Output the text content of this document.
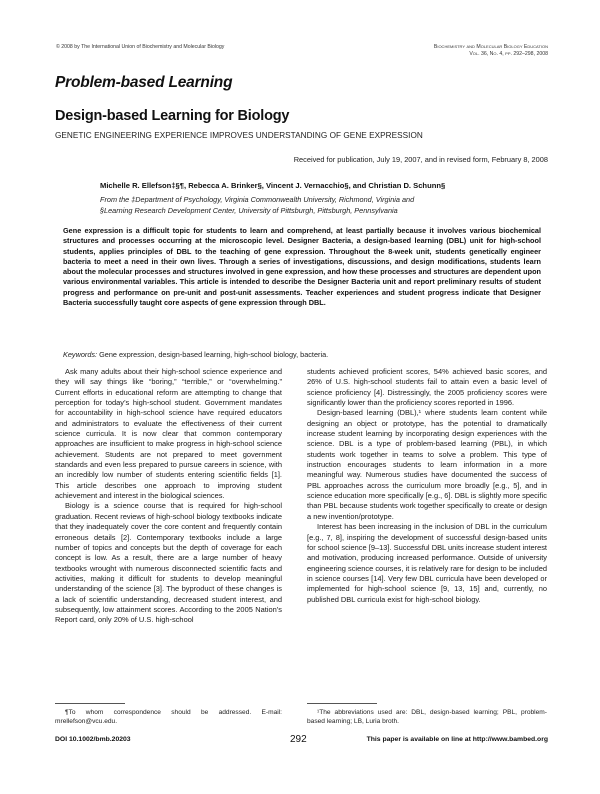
© 2008 by The International Union of Biochemistry and Molecular Biology	Biochemistry and Molecular Biology Education
Vol. 36, No. 4, pp. 292–298, 2008
Problem-based Learning
Design-based Learning for Biology
GENETIC ENGINEERING EXPERIENCE IMPROVES UNDERSTANDING OF GENE EXPRESSION
Received for publication, July 19, 2007, and in revised form, February 8, 2008
Michelle R. Ellefson‡§¶, Rebecca A. Brinker§, Vincent J. Vernacchio§, and Christian D. Schunn§
From the ‡Department of Psychology, Virginia Commonwealth University, Richmond, Virginia and
§Learning Research Development Center, University of Pittsburgh, Pittsburgh, Pennsylvania
Gene expression is a difficult topic for students to learn and comprehend, at least partially because it involves various biochemical structures and processes occurring at the microscopic level. Designer Bacteria, a design-based learning (DBL) unit for high-school students, applies principles of DBL to the teaching of gene expression. Throughout the 8-week unit, students genetically engineer bacteria to meet a need in their own lives. Through a series of investigations, discussions, and design modifications, students learn about the molecular processes and structures involved in gene expression, and how these processes and structures are dependent upon various environmental variables. This article is intended to describe the Designer Bacteria unit and report preliminary results of student progress and performance on pre-unit and post-unit assessments. Teacher experiences and student progress indicate that Designer Bacteria successfully taught core aspects of gene expression through DBL.
Keywords: Gene expression, design-based learning, high-school biology, bacteria.

Ask many adults about their high-school science experience and they will say things like “boring,” “terrible,” or “overwhelming.” Current efforts in educational reform are attempting to change that perception for today’s high-school student. Government mandates for accountability in high-school science have required educators and administrators to evaluate the effectiveness of their current science curricula. It is now clear that common contemporary approaches are insufficient to make progress in high-school science achievement. Students are not prepared to meet government standards and even less prepared to pursue careers in science, with an incredibly low number of students entering scientific fields [1]. This article describes one approach to improving student achievement and interest in the biological sciences.

Biology is a science course that is required for high-school graduation. Recent reviews of high-school biology textbooks indicate that they inadequately cover the core content and frequently contain erroneous details [2]. Contemporary textbooks include a large number of topics and concepts but the depth of coverage for each concept is low. As a result, there are a large number of heavy textbooks wrought with numerous disconnected scientific facts and activities, making it difficult for students to develop meaningful understanding of the science [3]. The byproduct of these changes is a lack of scientific understanding, decreased student interest, and subsequently, low attainment scores. According to the 2005 Nation’s Report card, only 20% of U.S. high-school

students achieved proficient scores, 54% achieved basic scores, and 26% of U.S. high-school students fail to attain even a basic level of science proficiency [4]. Distressingly, the 2005 proficiency scores were significantly lower than the proficiency scores reported in 1996.

Design-based learning (DBL),¹ where students learn content while designing an object or prototype, has the potential to dramatically increase student learning by incorporating design experiences with the science. DBL is a type of problem-based learning (PBL), in which students work together in teams to solve a problem. This type of instruction encourages students to learn information in a more meaningful way. Numerous studies have documented the success of PBL approaches across the curriculum more broadly [e.g., 5], and in science education more specifically [e.g., 6]. DBL is slightly more specific than PBL because students work together specifically to create or design a new invention/prototype.

Interest has been increasing in the inclusion of DBL in the curriculum [e.g., 7, 8], inspiring the development of successful design-based units for school science [9–13]. Successful DBL units increase student interest and motivation, producing increased performance. Outside of university engineering science courses, it is relatively rare for design to be included in science courses [14]. Very few DBL curricula have been developed or implemented for high-school science [9, 13, 15] and, currently, no published DBL curricula exist for high-school biology.

¶To whom correspondence should be addressed. E-mail: mrellefson@vcu.edu.
¹The abbreviations used are: DBL, design-based learning; PBL, problem-based learning; LB, Luria broth.
DOI 10.1002/bmb.20203	292	This paper is available on line at http://www.bambed.org
